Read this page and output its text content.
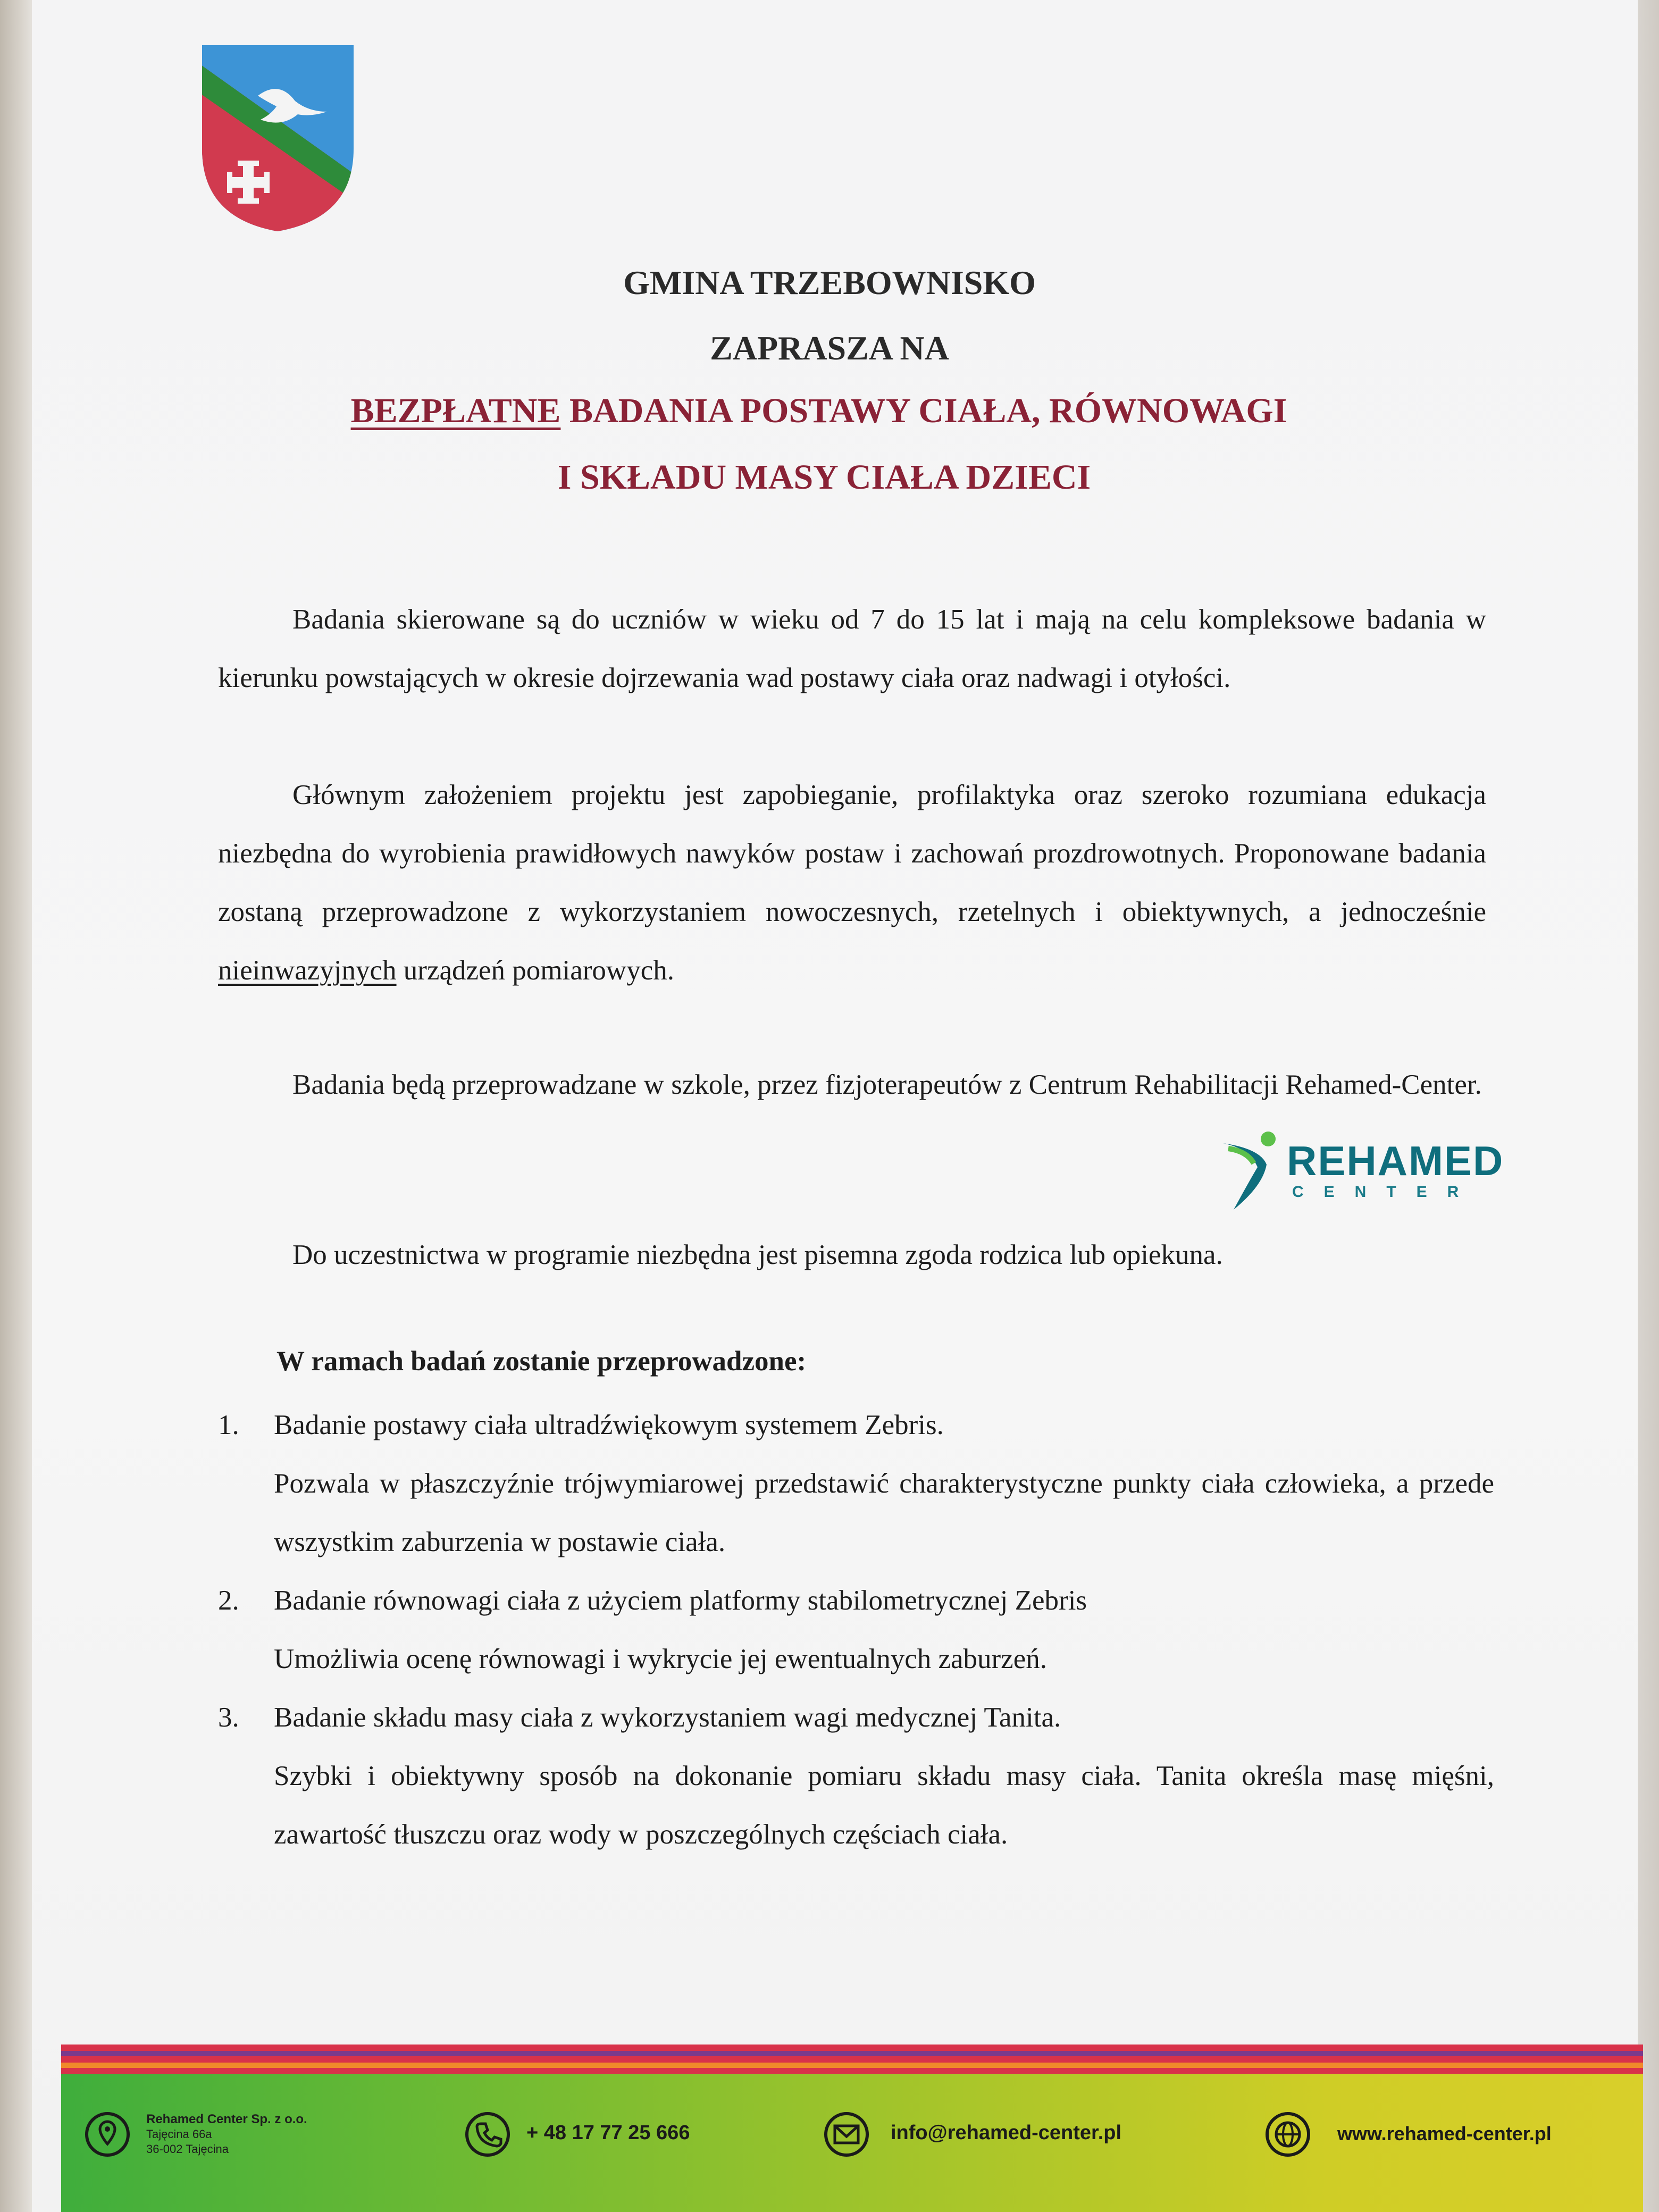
GMINA TRZEBOWNISKO
ZAPRASZA NA
BEZPŁATNE BADANIA POSTAWY CIAŁA, RÓWNOWAGI
I SKŁADU MASY CIAŁA DZIECI
Badania skierowane są do uczniów w wieku od 7 do 15 lat i mają na celu kompleksowe badania w kierunku powstających w okresie dojrzewania wad postawy ciała oraz nadwagi i otyłości.
Głównym założeniem projektu jest zapobieganie, profilaktyka oraz szeroko rozumiana edukacja niezbędna do wyrobienia prawidłowych nawyków postaw i zachowań prozdrowotnych. Proponowane badania zostaną przeprowadzone z wykorzystaniem nowoczesnych, rzetelnych i obiektywnych, a jednocześnie nieinwazyjnych urządzeń pomiarowych.
Badania będą przeprowadzane w szkole, przez fizjoterapeutów z Centrum Rehabilitacji Rehamed-Center.
REHAMED
CENTER
Do uczestnictwa w programie niezbędna jest pisemna zgoda rodzica lub opiekuna.
W ramach badań zostanie przeprowadzone:
1. Badanie postawy ciała ultradźwiękowym systemem Zebris.
Pozwala w płaszczyźnie trójwymiarowej przedstawić charakterystyczne punkty ciała człowieka, a przede wszystkim zaburzenia w postawie ciała.
2. Badanie równowagi ciała z użyciem platformy stabilometrycznej Zebris
Umożliwia ocenę równowagi i wykrycie jej ewentualnych zaburzeń.
3. Badanie składu masy ciała z wykorzystaniem wagi medycznej Tanita.
Szybki i obiektywny sposób na dokonanie pomiaru składu masy ciała. Tanita określa masę mięśni, zawartość tłuszczu oraz wody w poszczególnych częściach ciała.
Rehamed Center Sp. z o.o.
Tajęcina 66a
36-002 Tajęcina
+ 48 17 77 25 666	info@rehamed-center.pl	www.rehamed-center.pl
